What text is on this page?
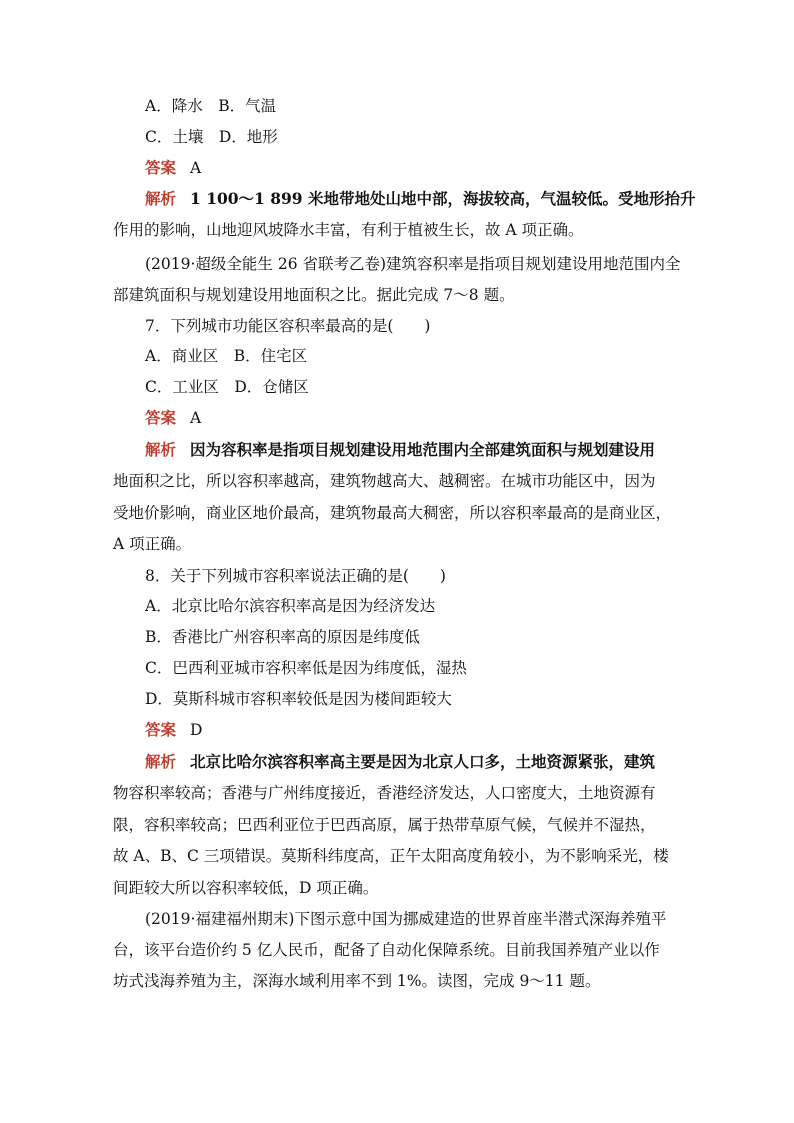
A．降水　B．气温
C．土壤　D．地形
答案 A
解析 1 100～1 899 米地带地处山地中部，海拔较高，气温较低。受地形抬升
作用的影响，山地迎风坡降水丰富，有利于植被生长，故 A 项正确。
(2019·超级全能生 26 省联考乙卷)建筑容积率是指项目规划建设用地范围内全
部建筑面积与规划建设用地面积之比。据此完成 7～8 题。
7．下列城市功能区容积率最高的是(　　)
A．商业区　B．住宅区
C．工业区　D．仓储区
答案 A
解析 因为容积率是指项目规划建设用地范围内全部建筑面积与规划建设用
地面积之比，所以容积率越高，建筑物越高大、越稠密。在城市功能区中，因为
受地价影响，商业区地价最高，建筑物最高大稠密，所以容积率最高的是商业区，
A 项正确。
8．关于下列城市容积率说法正确的是(　　)
A．北京比哈尔滨容积率高是因为经济发达
B．香港比广州容积率高的原因是纬度低
C．巴西利亚城市容积率低是因为纬度低，湿热
D．莫斯科城市容积率较低是因为楼间距较大
答案 D
解析 北京比哈尔滨容积率高主要是因为北京人口多，土地资源紧张，建筑
物容积率较高；香港与广州纬度接近，香港经济发达，人口密度大，土地资源有
限，容积率较高；巴西利亚位于巴西高原，属于热带草原气候，气候并不湿热，
故 A、B、C 三项错误。莫斯科纬度高，正午太阳高度角较小，为不影响采光，楼
间距较大所以容积率较低，D 项正确。
(2019·福建福州期末)下图示意中国为挪威建造的世界首座半潜式深海养殖平
台，该平台造价约 5 亿人民币，配备了自动化保障系统。目前我国养殖产业以作
坊式浅海养殖为主，深海水域利用率不到 1%。读图，完成 9～11 题。
